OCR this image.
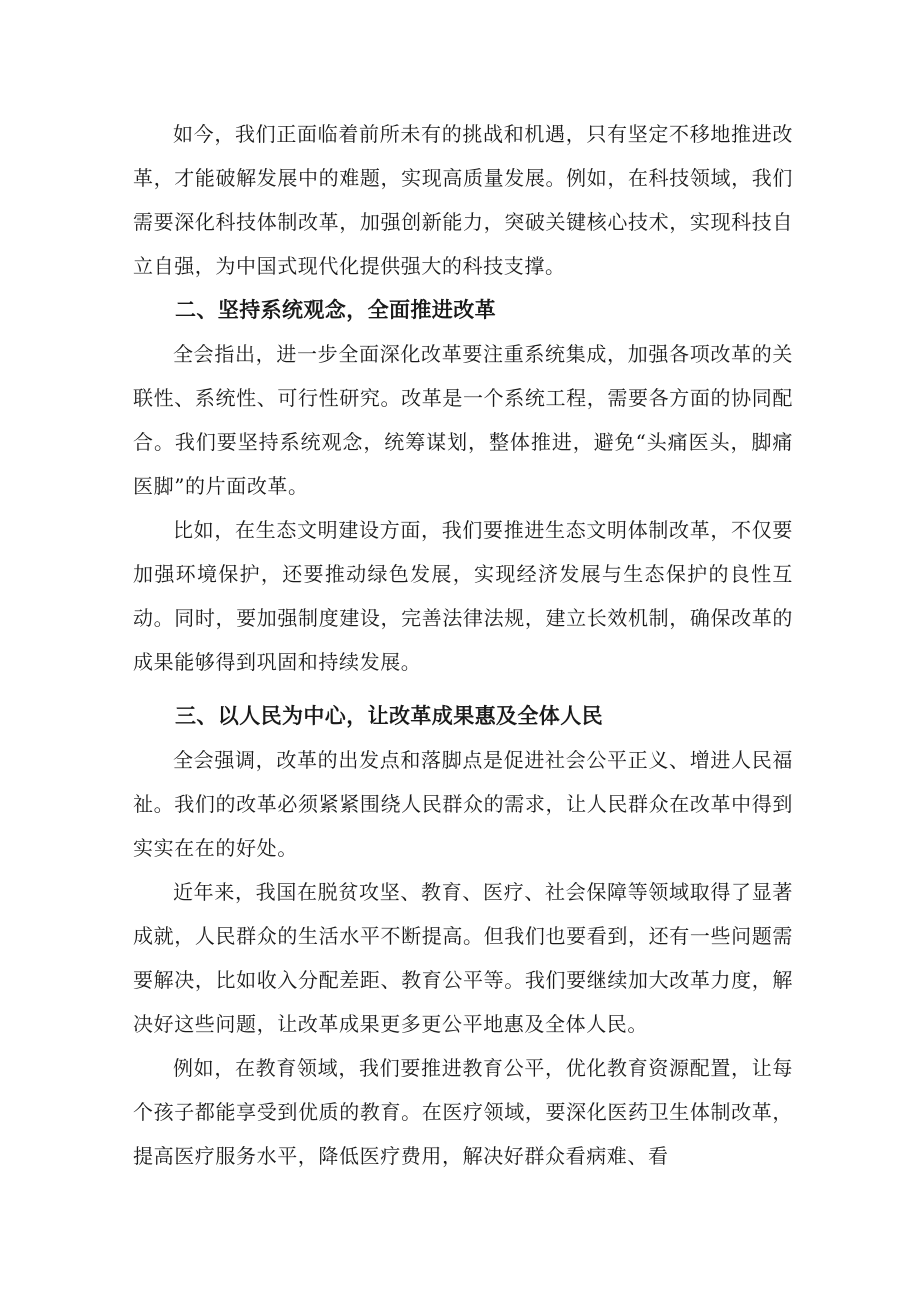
如今，我们正面临着前所未有的挑战和机遇，只有坚定不移地推进改革，才能破解发展中的难题，实现高质量发展。例如，在科技领域，我们需要深化科技体制改革，加强创新能力，突破关键核心技术，实现科技自立自强，为中国式现代化提供强大的科技支撑。

二、坚持系统观念，全面推进改革

全会指出，进一步全面深化改革要注重系统集成，加强各项改革的关联性、系统性、可行性研究。改革是一个系统工程，需要各方面的协同配合。我们要坚持系统观念，统筹谋划，整体推进，避免“头痛医头，脚痛医脚”的片面改革。

比如，在生态文明建设方面，我们要推进生态文明体制改革，不仅要加强环境保护，还要推动绿色发展，实现经济发展与生态保护的良性互动。同时，要加强制度建设，完善法律法规，建立长效机制，确保改革的成果能够得到巩固和持续发展。

三、以人民为中心，让改革成果惠及全体人民

全会强调，改革的出发点和落脚点是促进社会公平正义、增进人民福祉。我们的改革必须紧紧围绕人民群众的需求，让人民群众在改革中得到实实在在的好处。

近年来，我国在脱贫攻坚、教育、医疗、社会保障等领域取得了显著成就，人民群众的生活水平不断提高。但我们也要看到，还有一些问题需要解决，比如收入分配差距、教育公平等。我们要继续加大改革力度，解决好这些问题，让改革成果更多更公平地惠及全体人民。

例如，在教育领域，我们要推进教育公平，优化教育资源配置，让每个孩子都能享受到优质的教育。在医疗领域，要深化医药卫生体制改革，提高医疗服务水平，降低医疗费用，解决好群众看病难、看
